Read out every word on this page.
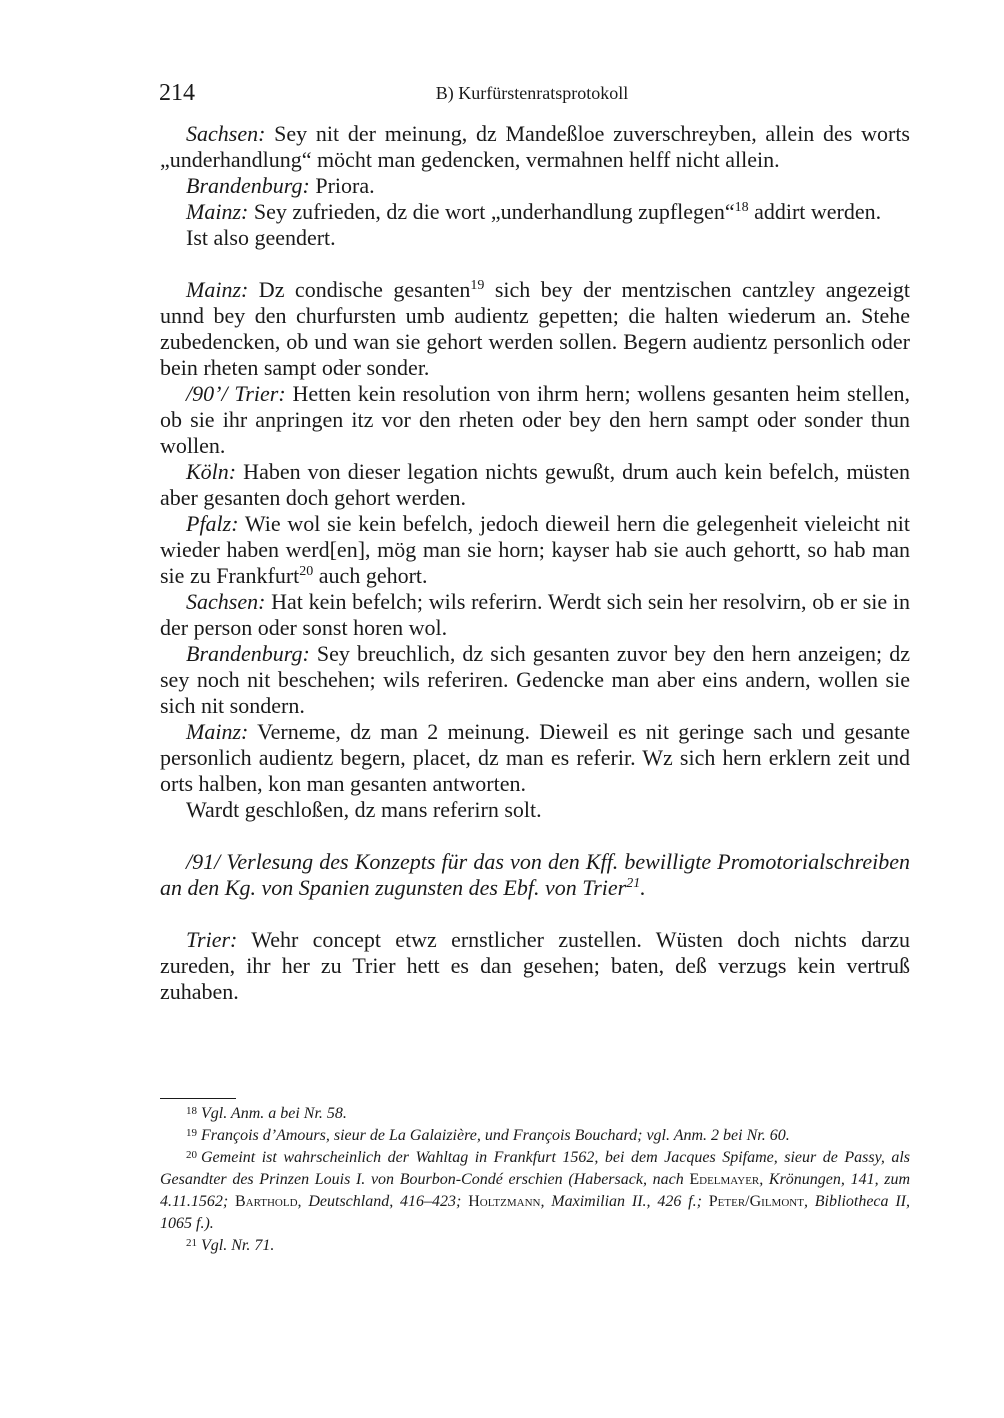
214	B) Kurfürstenratsprotokoll

Sachsen: Sey nit der meinung, dz Mandeßloe zuverschreyben, allein des worts „underhandlung“ möcht man gedencken, vermahnen helff nicht allein.

Brandenburg: Priora.

Mainz: Sey zufrieden, dz die wort „underhandlung zupflegen“$^{18}$ addirt werden.

Ist also geendert.

Mainz: Dz condische gesanten$^{19}$ sich bey der mentzischen cantzley angezeigt unnd bey den churfursten umb audientz gepetten; die halten wiederum an. Stehe zubedencken, ob und wan sie gehort werden sollen. Begern audientz personlich oder bein rheten sampt oder sonder.

/90’/ Trier: Hetten kein resolution von ihrm hern; wollens gesanten heim stellen, ob sie ihr anpringen itz vor den rheten oder bey den hern sampt oder sonder thun wollen.

Köln: Haben von dieser legation nichts gewußt, drum auch kein befelch, müsten aber gesanten doch gehort werden.

Pfalz: Wie wol sie kein befelch, jedoch dieweil hern die gelegenheit vieleicht nit wieder haben werd[en], mög man sie horn; kayser hab sie auch gehortt, so hab man sie zu Frankfurt$^{20}$ auch gehort.

Sachsen: Hat kein befelch; wils referirn. Werdt sich sein her resolvirn, ob er sie in der person oder sonst horen wol.

Brandenburg: Sey breuchlich, dz sich gesanten zuvor bey den hern anzeigen; dz sey noch nit beschehen; wils referiren. Gedencke man aber eins andern, wollen sie sich nit sondern.

Mainz: Verneme, dz man 2 meinung. Dieweil es nit geringe sach und gesante personlich audientz begern, placet, dz man es referir. Wz sich hern erklern zeit und orts halben, kon man gesanten antworten.

Wardt geschloßen, dz mans referirn solt.

/91/ Verlesung des Konzepts für das von den Kff. bewilligte Promotorialschreiben an den Kg. von Spanien zugunsten des Ebf. von Trier$^{21}$.

Trier: Wehr concept etwz ernstlicher zustellen. Wüsten doch nichts darzu zureden, ihr her zu Trier hett es dan gesehen; baten, deß verzugs kein vertruß zuhaben.

$^{18}$ Vgl. Anm. a bei Nr. 58.

$^{19}$ François d’Amours, sieur de La Galaizière, und François Bouchard; vgl. Anm. 2 bei Nr. 60.

$^{20}$ Gemeint ist wahrscheinlich der Wahltag in Frankfurt 1562, bei dem Jacques Spifame, sieur de Passy, als Gesandter des Prinzen Louis I. von Bourbon-Condé erschien (Habersack, nach Edelmayer, Krönungen, 141, zum 4.11.1562; Barthold, Deutschland, 416–423; Holtzmann, Maximilian II., 426 f.; Peter/Gilmont, Bibliotheca II, 1065 f.).

$^{21}$ Vgl. Nr. 71.
